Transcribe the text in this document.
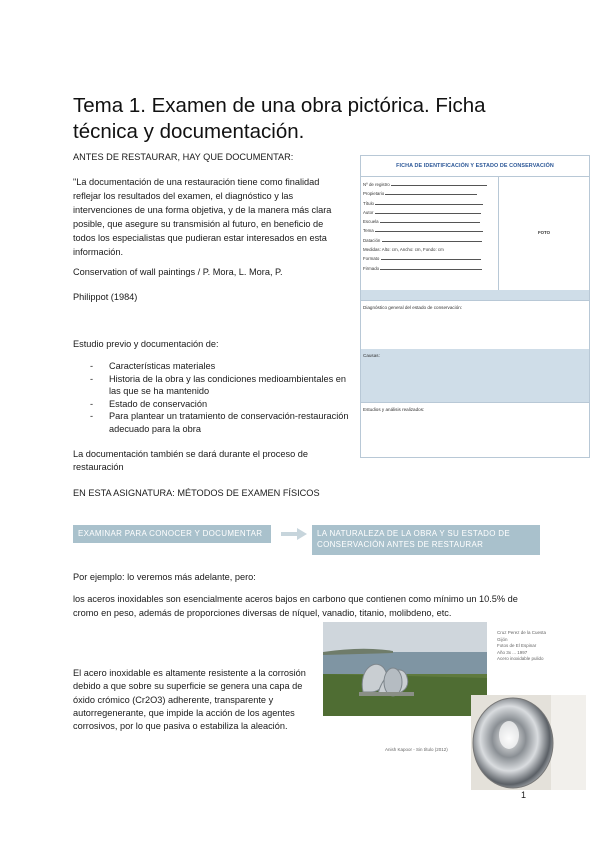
Tema 1. Examen de una obra pictórica. Ficha técnica y documentación.
ANTES DE RESTAURAR, HAY QUE DOCUMENTAR:
"La documentación de una restauración tiene como finalidad reflejar los resultados del examen, el diagnóstico y las intervenciones de una forma objetiva, y de la manera más clara posible, que asegure su transmisión al futuro, en beneficio de todos los especialistas que pudieran estar interesados en esta información.
Conservation of wall paintings / P. Mora, L. Mora, P.
Philippot (1984)
Estudio previo y documentación de:
- Características materiales
- Historia de la obra y las condiciones medioambientales en las que se ha mantenido
- Estado de conservación
- Para plantear un tratamiento de conservación-restauración adecuado para la obra
La documentación también se dará durante el proceso de restauración
EN ESTA ASIGNATURA: MÉTODOS DE EXAMEN FÍSICOS
FICHA DE IDENTIFICACIÓN Y ESTADO DE CONSERVACIÓN
Nº de registro
Propietario
Título
Autor
Escuela
Tema
Datación
Medidas: Alto: cm, Ancho: cm, Fondo: cm
Formato
Firmado
FOTO
Diagnóstico general del estado de conservación:
Causas:
Estudios y análisis realizados:
EXAMINAR PARA CONOCER Y DOCUMENTAR	LA NATURALEZA DE LA OBRA Y SU ESTADO DE CONSERVACIÓN ANTES DE RESTAURAR
Por ejemplo: lo veremos más adelante, pero:
los aceros inoxidables son esencialmente aceros bajos en carbono que contienen como mínimo un 10.5% de cromo en peso, además de proporciones diversas de níquel, vanadio, titanio, molibdeno, etc.
El acero inoxidable es altamente resistente a la corrosión debido a que sobre su superficie se genera una capa de óxido crómico (Cr2O3) adherente, transparente y autorregenerante, que impide la acción de los agentes corrosivos, por lo que pasiva o estabiliza la aleación.
Cruz Perez de la Cuesta
Gijón
Fotos de El Espinar
Año 3x ... 1997
Acero inoxidable pulido
Anish Kapoor - Sin título (2012)
1
